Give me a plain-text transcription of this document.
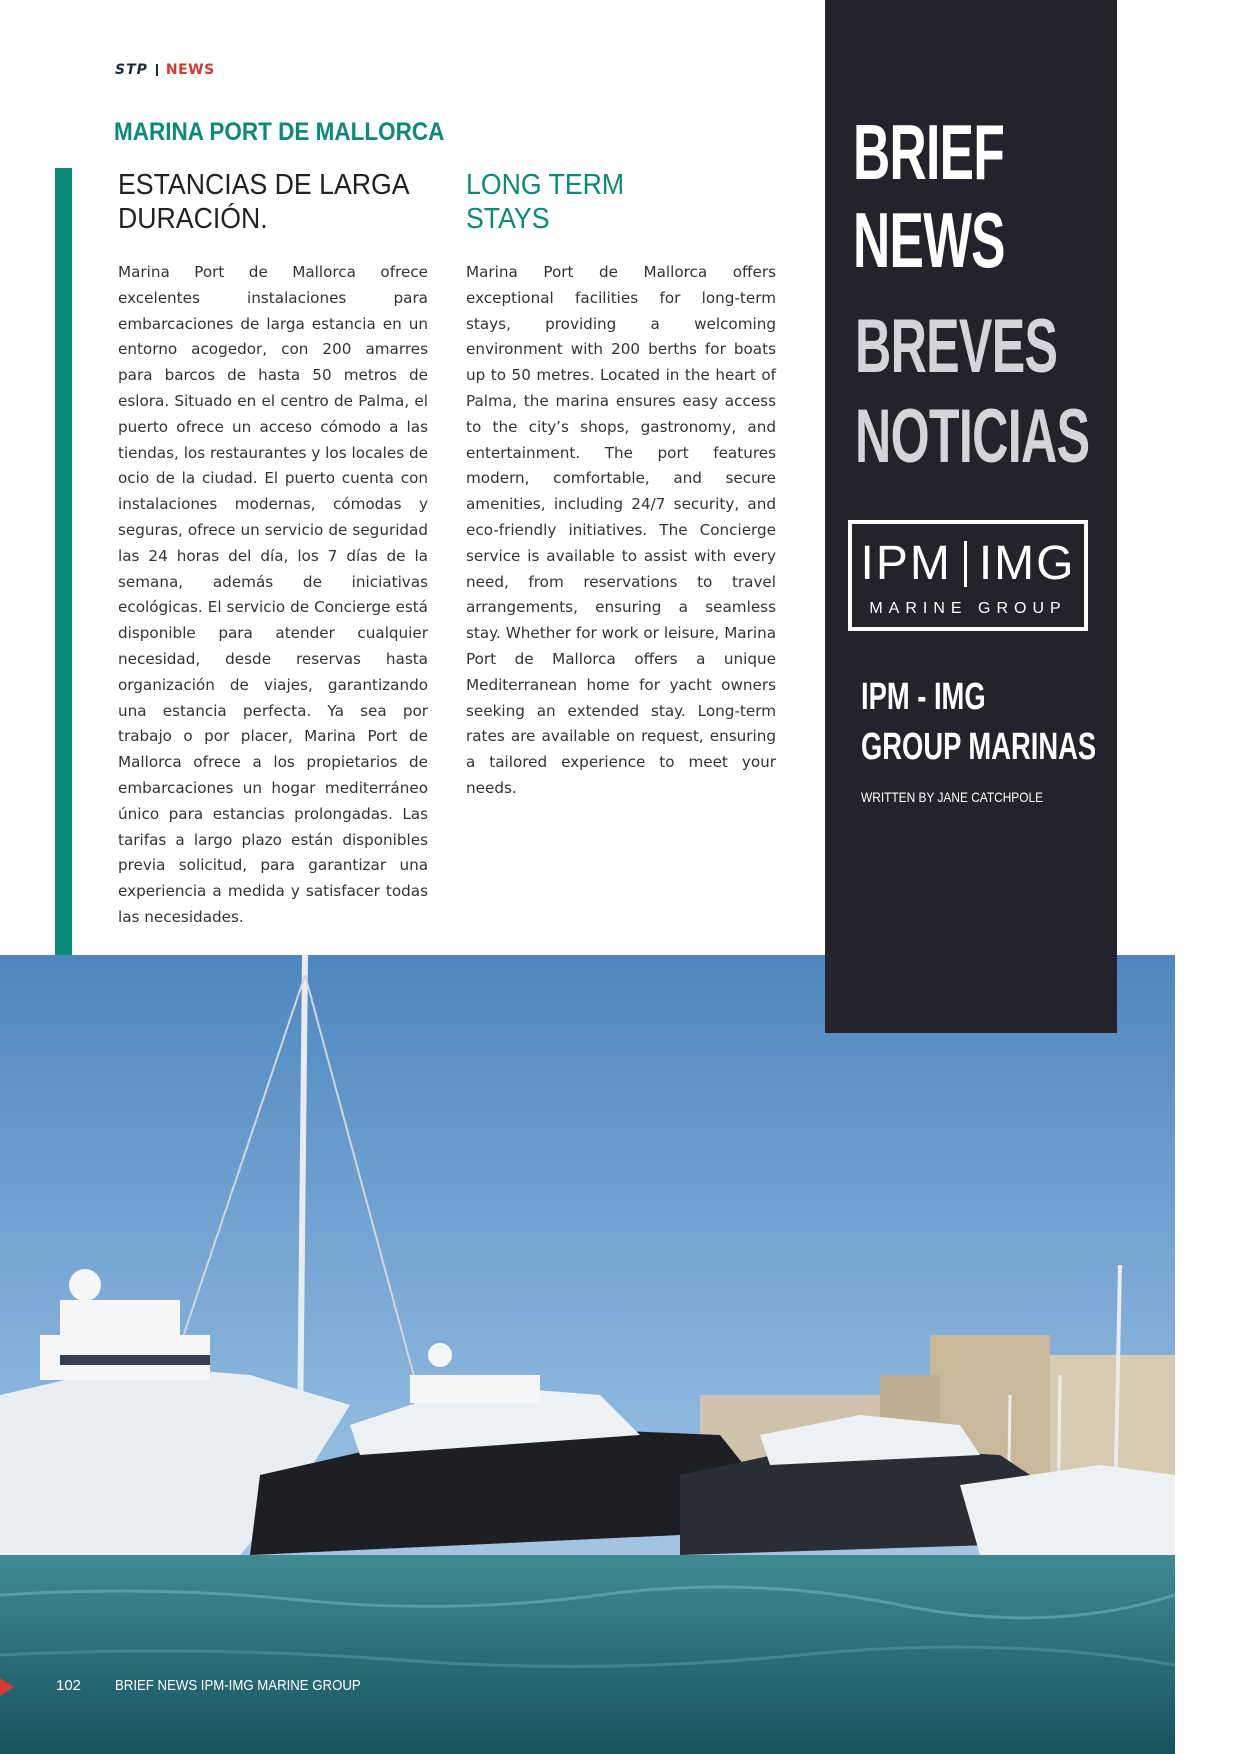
STP NEWS
MARINA PORT DE MALLORCA
ESTANCIAS DE LARGA
DURACIÓN.

Marina Port de Mallorca ofrece excelentes instalaciones para embarcaciones de larga estancia en un entorno acogedor, con 200 amarres para barcos de hasta 50 metros de eslora. Situado en el centro de Palma, el puerto ofrece un acceso cómodo a las tiendas, los restaurantes y los locales de ocio de la ciudad. El puerto cuenta con instalaciones modernas, cómodas y seguras, ofrece un servicio de seguridad las 24 horas del día, los 7 días de la semana, además de iniciativas ecológicas. El servicio de Concierge está disponible para atender cualquier necesidad, desde reservas hasta organización de viajes, garantizando una estancia perfecta. Ya sea por trabajo o por placer, Marina Port de Mallorca ofrece a los propietarios de embarcaciones un hogar mediterráneo único para estancias prolongadas. Las tarifas a largo plazo están disponibles previa solicitud, para garantizar una experiencia a medida y satisfacer todas las necesidades.

LONG TERM
STAYS

Marina Port de Mallorca offers exceptional facilities for long-term stays, providing a welcoming environment with 200 berths for boats up to 50 metres. Located in the heart of Palma, the marina ensures easy access to the city’s shops, gastronomy, and entertainment. The port features modern, comfortable, and secure amenities, including 24/7 security, and eco-friendly initiatives. The Concierge service is available to assist with every need, from reservations to travel arrangements, ensuring a seamless stay. Whether for work or leisure, Marina Port de Mallorca offers a unique Mediterranean home for yacht owners seeking an extended stay. Long-term rates are available on request, ensuring a tailored experience to meet your needs.

BRIEF
NEWS
BREVES
NOTICIAS
IPM IMG
MARINE GROUP
IPM - IMG
GROUP MARINAS
WRITTEN BY JANE CATCHPOLE
102 BRIEF NEWS IPM-IMG MARINE GROUP
